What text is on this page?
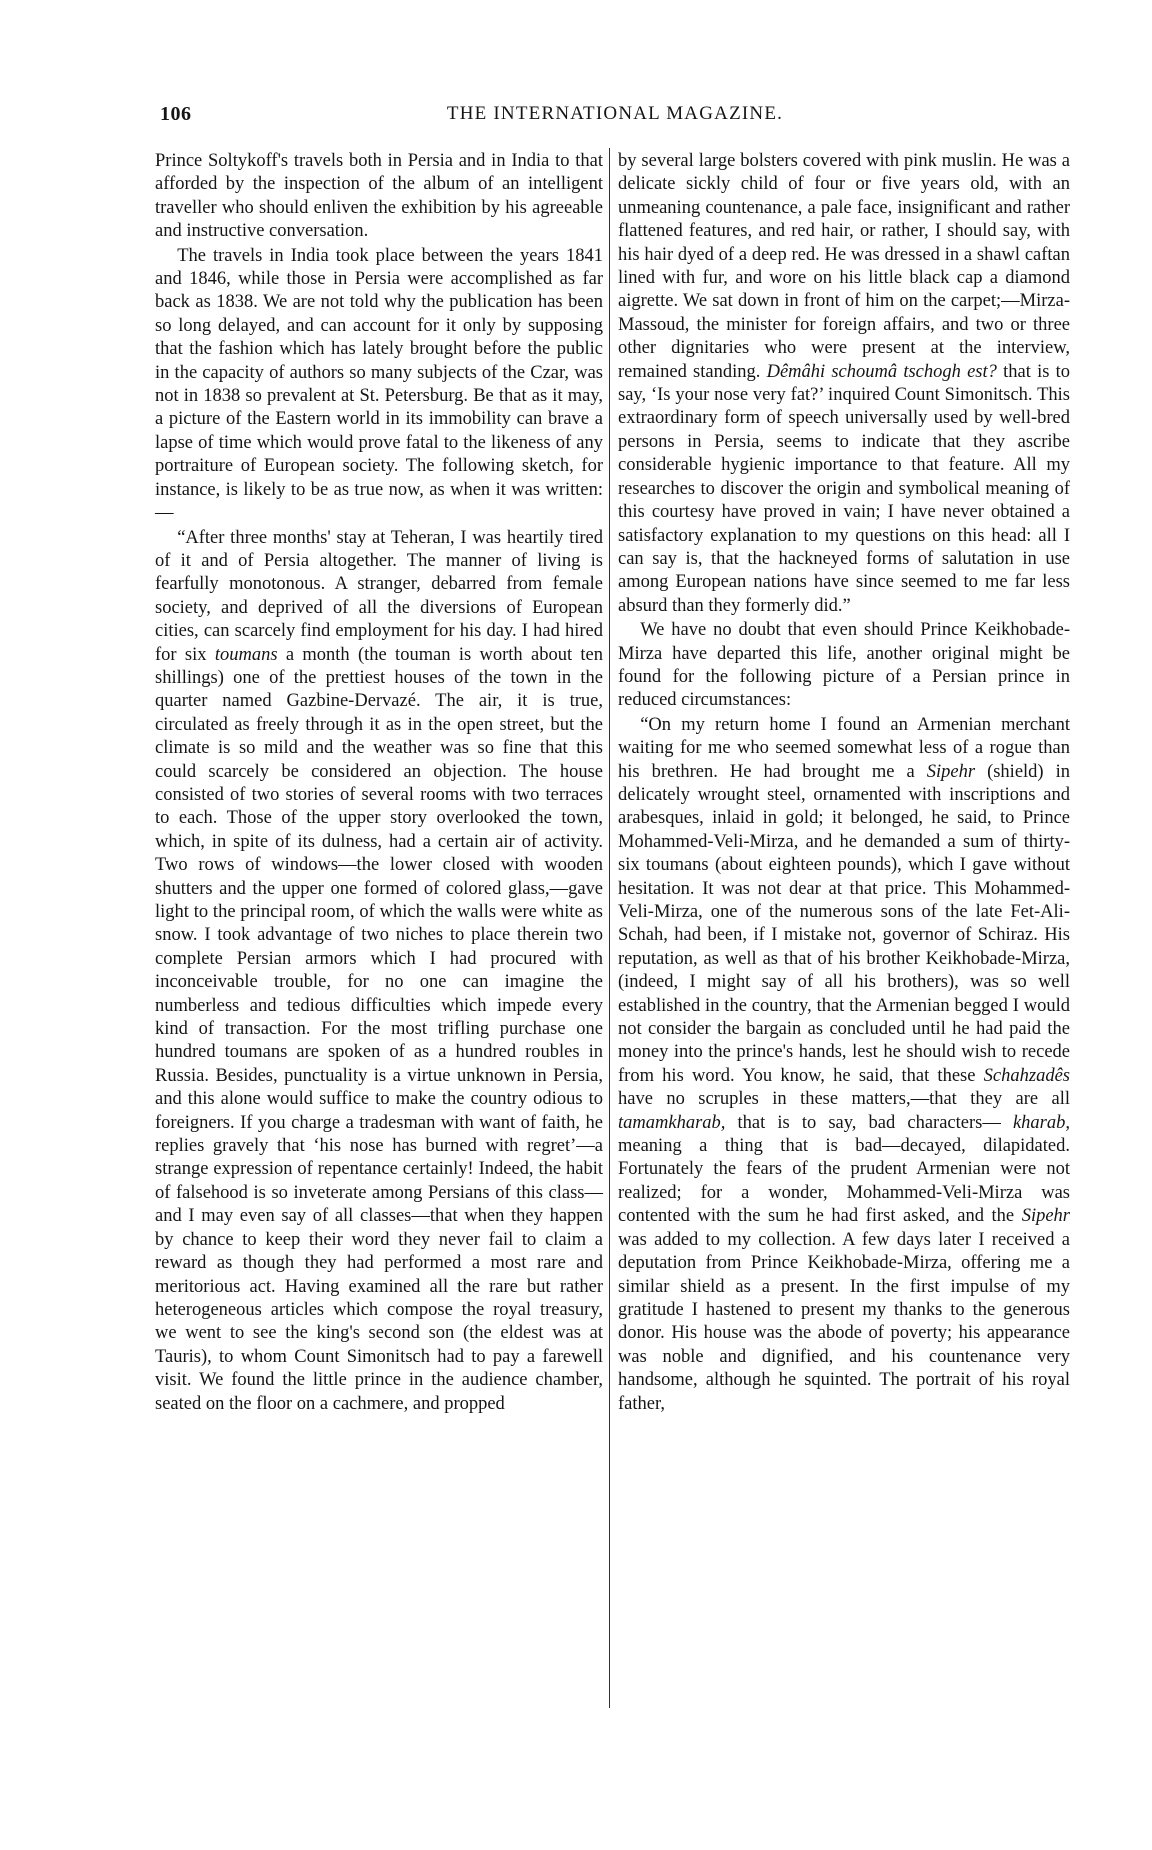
106	THE INTERNATIONAL MAGAZINE.

Prince Soltykoff's travels both in Persia and in India to that afforded by the inspection of the album of an intelligent traveller who should enliven the exhibition by his agreeable and instructive conversation.

The travels in India took place between the years 1841 and 1846, while those in Persia were accomplished as far back as 1838. We are not told why the publication has been so long delayed, and can account for it only by supposing that the fashion which has lately brought before the public in the capacity of authors so many subjects of the Czar, was not in 1838 so prevalent at St. Petersburg. Be that as it may, a picture of the Eastern world in its immobility can brave a lapse of time which would prove fatal to the likeness of any portraiture of European society. The following sketch, for instance, is likely to be as true now, as when it was written:—

“After three months' stay at Teheran, I was heartily tired of it and of Persia altogether. The manner of living is fearfully monotonous. A stranger, debarred from female society, and deprived of all the diversions of European cities, can scarcely find employment for his day. I had hired for six toumans a month (the touman is worth about ten shillings) one of the prettiest houses of the town in the quarter named Gazbine-Dervazé. The air, it is true, circulated as freely through it as in the open street, but the climate is so mild and the weather was so fine that this could scarcely be considered an objection. The house consisted of two stories of several rooms with two terraces to each. Those of the upper story overlooked the town, which, in spite of its dulness, had a certain air of activity. Two rows of windows—the lower closed with wooden shutters and the upper one formed of colored glass,—gave light to the principal room, of which the walls were white as snow. I took advantage of two niches to place therein two complete Persian armors which I had procured with inconceivable trouble, for no one can imagine the numberless and tedious difficulties which impede every kind of transaction. For the most trifling purchase one hundred toumans are spoken of as a hundred roubles in Russia. Besides, punctuality is a virtue unknown in Persia, and this alone would suffice to make the country odious to foreigners. If you charge a tradesman with want of faith, he replies gravely that ‘his nose has burned with regret’—a strange expression of repentance certainly! Indeed, the habit of falsehood is so inveterate among Persians of this class—and I may even say of all classes—that when they happen by chance to keep their word they never fail to claim a reward as though they had performed a most rare and meritorious act. Having examined all the rare but rather heterogeneous articles which compose the royal treasury, we went to see the king's second son (the eldest was at Tauris), to whom Count Simonitsch had to pay a farewell visit. We found the little prince in the audience chamber, seated on the floor on a cachmere, and propped

by several large bolsters covered with pink muslin. He was a delicate sickly child of four or five years old, with an unmeaning countenance, a pale face, insignificant and rather flattened features, and red hair, or rather, I should say, with his hair dyed of a deep red. He was dressed in a shawl caftan lined with fur, and wore on his little black cap a diamond aigrette. We sat down in front of him on the carpet;—Mirza-Massoud, the minister for foreign affairs, and two or three other dignitaries who were present at the interview, remained standing. Dêmâhi schoumâ tschogh est? that is to say, ‘Is your nose very fat?’ inquired Count Simonitsch. This extraordinary form of speech universally used by well-bred persons in Persia, seems to indicate that they ascribe considerable hygienic importance to that feature. All my researches to discover the origin and symbolical meaning of this courtesy have proved in vain; I have never obtained a satisfactory explanation to my questions on this head: all I can say is, that the hackneyed forms of salutation in use among European nations have since seemed to me far less absurd than they formerly did.”

We have no doubt that even should Prince Keikhobade-Mirza have departed this life, another original might be found for the following picture of a Persian prince in reduced circumstances:

“On my return home I found an Armenian merchant waiting for me who seemed somewhat less of a rogue than his brethren. He had brought me a Sipehr (shield) in delicately wrought steel, ornamented with inscriptions and arabesques, inlaid in gold; it belonged, he said, to Prince Mohammed-Veli-Mirza, and he demanded a sum of thirty-six toumans (about eighteen pounds), which I gave without hesitation. It was not dear at that price. This Mohammed-Veli-Mirza, one of the numerous sons of the late Fet-Ali-Schah, had been, if I mistake not, governor of Schiraz. His reputation, as well as that of his brother Keikhobade-Mirza, (indeed, I might say of all his brothers), was so well established in the country, that the Armenian begged I would not consider the bargain as concluded until he had paid the money into the prince's hands, lest he should wish to recede from his word. You know, he said, that these Schahzadês have no scruples in these matters,—that they are all tamamkharab, that is to say, bad characters— kharab, meaning a thing that is bad—decayed, dilapidated. Fortunately the fears of the prudent Armenian were not realized; for a wonder, Mohammed-Veli-Mirza was contented with the sum he had first asked, and the Sipehr was added to my collection. A few days later I received a deputation from Prince Keikhobade-Mirza, offering me a similar shield as a present. In the first impulse of my gratitude I hastened to present my thanks to the generous donor. His house was the abode of poverty; his appearance was noble and dignified, and his countenance very handsome, although he squinted. The portrait of his royal father,
